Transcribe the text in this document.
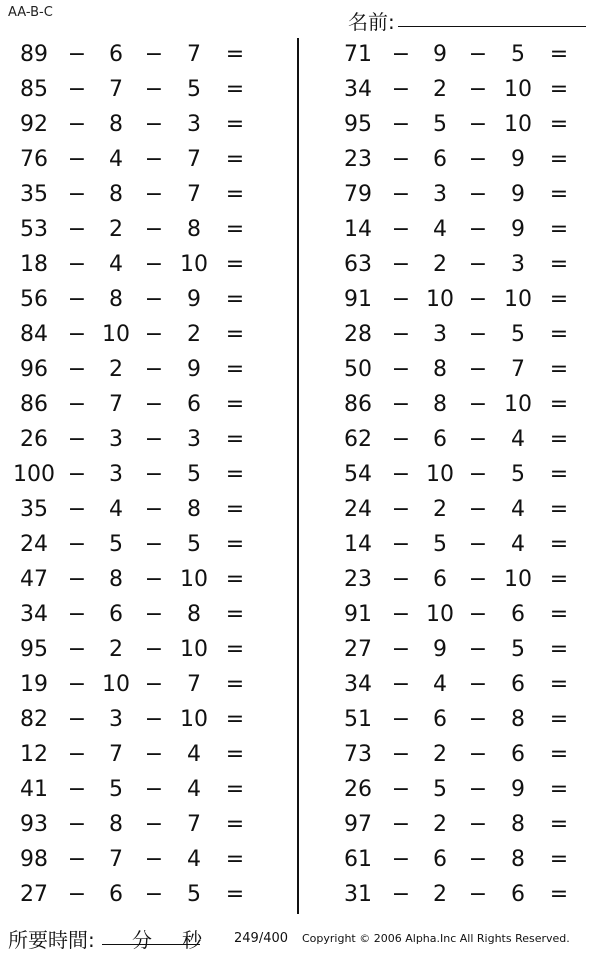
AA-B-C	名前:
89 −	6 −	7	=
85 −	7 −	5	=
92 −	8 −	3	=
76 −	4 −	7	=
35 −	8 −	7	=
53 −	2 −	8	=
18 −	4 − 10 =
56 −	8 −	9	=
84 − 10 −	2	=
96 −	2 −	9	=
86 −	7 −	6	=
26 −	3 −	3	=
100 −	3 −	5	=
35 −	4 −	8	=
24 −	5 −	5	=
47 −	8 − 10 =
34 −	6 −	8	=
95 −	2 − 10 =
19 − 10 −	7	=
82 −	3 − 10 =
12 −	7 −	4	=
41 −	5 −	4	=
93 −	8 −	7	=
98 −	7 −	4	=
27 −	6 −	5	=
71 −	9 −	5	=
34 −	2 − 10 =
95 −	5 − 10 =
23 −	6 −	9	=
79 −	3 −	9	=
14 −	4 −	9	=
63 −	2 −	3	=
91 − 10 − 10 =
28 −	3 −	5	=
50 −	8 −	7	=
86 −	8 − 10 =
62 −	6 −	4	=
54 − 10 −	5	=
24 −	2 −	4	=
14 −	5 −	4	=
23 −	6 − 10 =
91 − 10 −	6	=
27 −	9 −	5	=
34 −	4 −	6	=
51 −	6 −	8	=
73 −	2 −	6	=
26 −	5 −	9	=
97 −	2 −	8	=
61 −	6 −	8	=
31 −	2 −	6	=
所要時間: 分 秒 249/400 Copyright © 2006 Alpha.Inc All Rights Reserved.
